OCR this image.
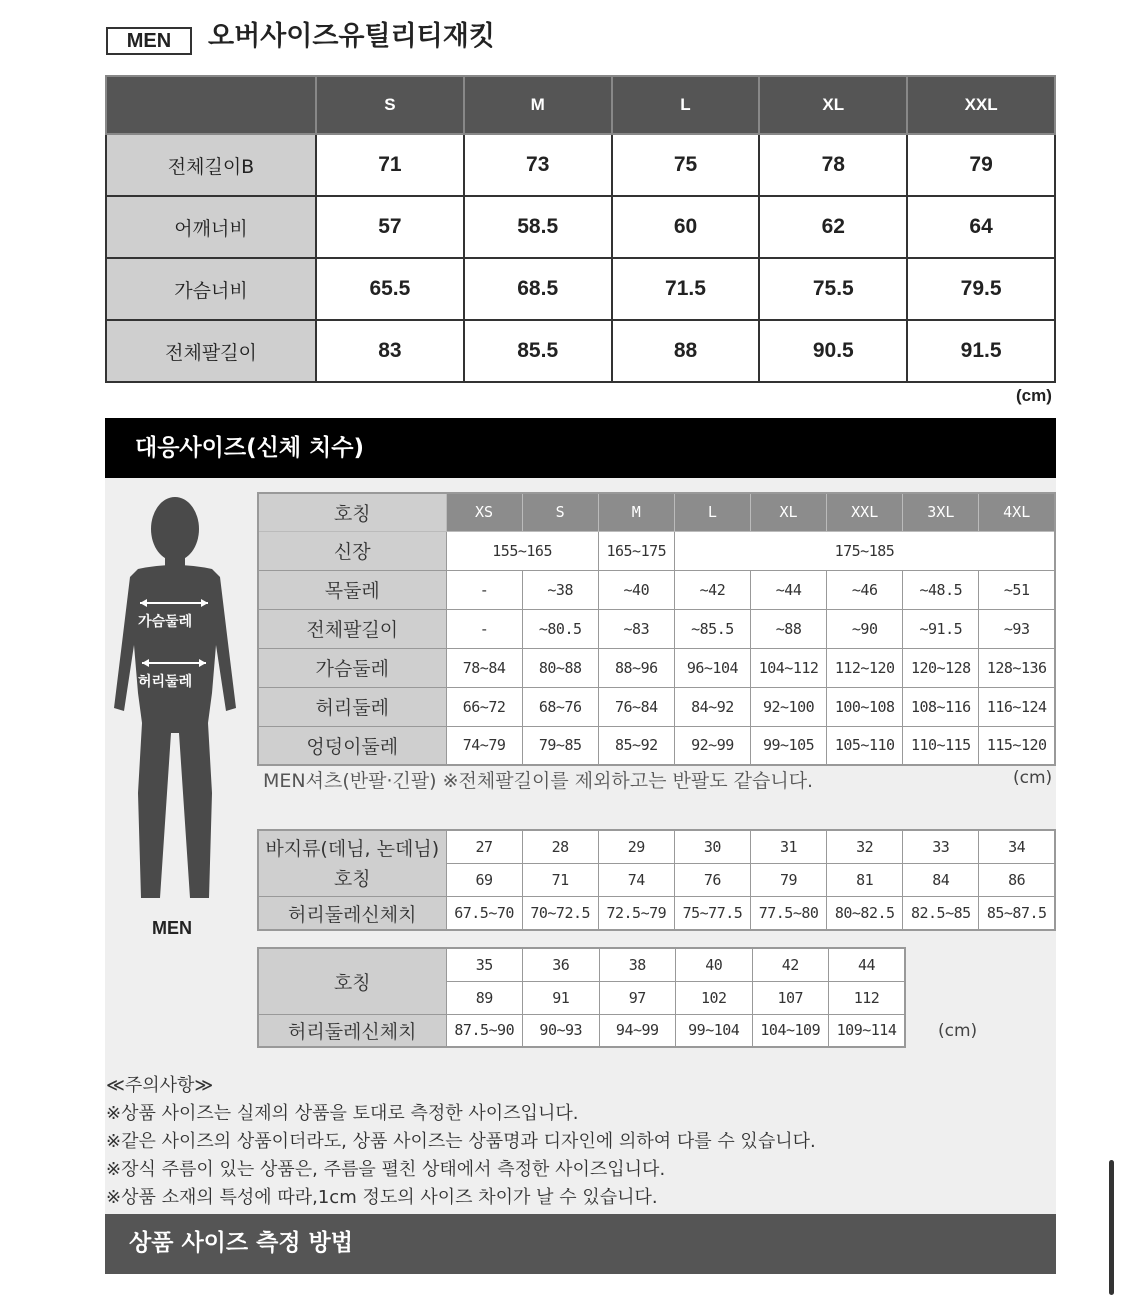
MEN	오버사이즈유틸리티재킷
	S	M	L	XL	XXL
전체길이B	71	73	75	78	79
어깨너비	57	58.5	60	62	64
가슴너비	65.5	68.5	71.5	75.5	79.5
전체팔길이	83	85.5	88	90.5	91.5
(cm)
대응사이즈(신체 치수)
가슴둘레
허리둘레
MEN
호칭	XS	S	M	L	XL	XXL	3XL	4XL
신장	155~165		165~175	175~185				
목둘레	-	~38	~40	~42	~44	~46	~48.5	~51
전체팔길이	-	~80.5	~83	~85.5	~88	~90	~91.5	~93
가슴둘레	78~84	80~88	88~96	96~104	104~112	112~120	120~128	128~136
허리둘레	66~72	68~76	76~84	84~92	92~100	100~108	108~116	116~124
엉덩이둘레	74~79	79~85	85~92	92~99	99~105	105~110	110~115	115~120
MEN셔츠(반팔·긴팔) ※전체팔길이를 제외하고는 반팔도 같습니다.	(cm)
바지류(데님, 논데님)
호칭	27	28	29	30	31	32	33	34
	69	71	74	76	79	81	84	86
허리둘레신체치	67.5~70	70~72.5	72.5~79	75~77.5	77.5~80	80~82.5	82.5~85	85~87.5
호칭	35	36	38	40	42	44
	89	91	97	102	107	112
허리둘레신체치	87.5~90	90~93	94~99	99~104	104~109	109~114 (cm)
≪주의사항≫
※상품 사이즈는 실제의 상품을 토대로 측정한 사이즈입니다.
※같은 사이즈의 상품이더라도, 상품 사이즈는 상품명과 디자인에 의하여 다를 수 있습니다.
※장식 주름이 있는 상품은, 주름을 펼친 상태에서 측정한 사이즈입니다.
※상품 소재의 특성에 따라,1cm 정도의 사이즈 차이가 날 수 있습니다.
상품 사이즈 측정 방법
